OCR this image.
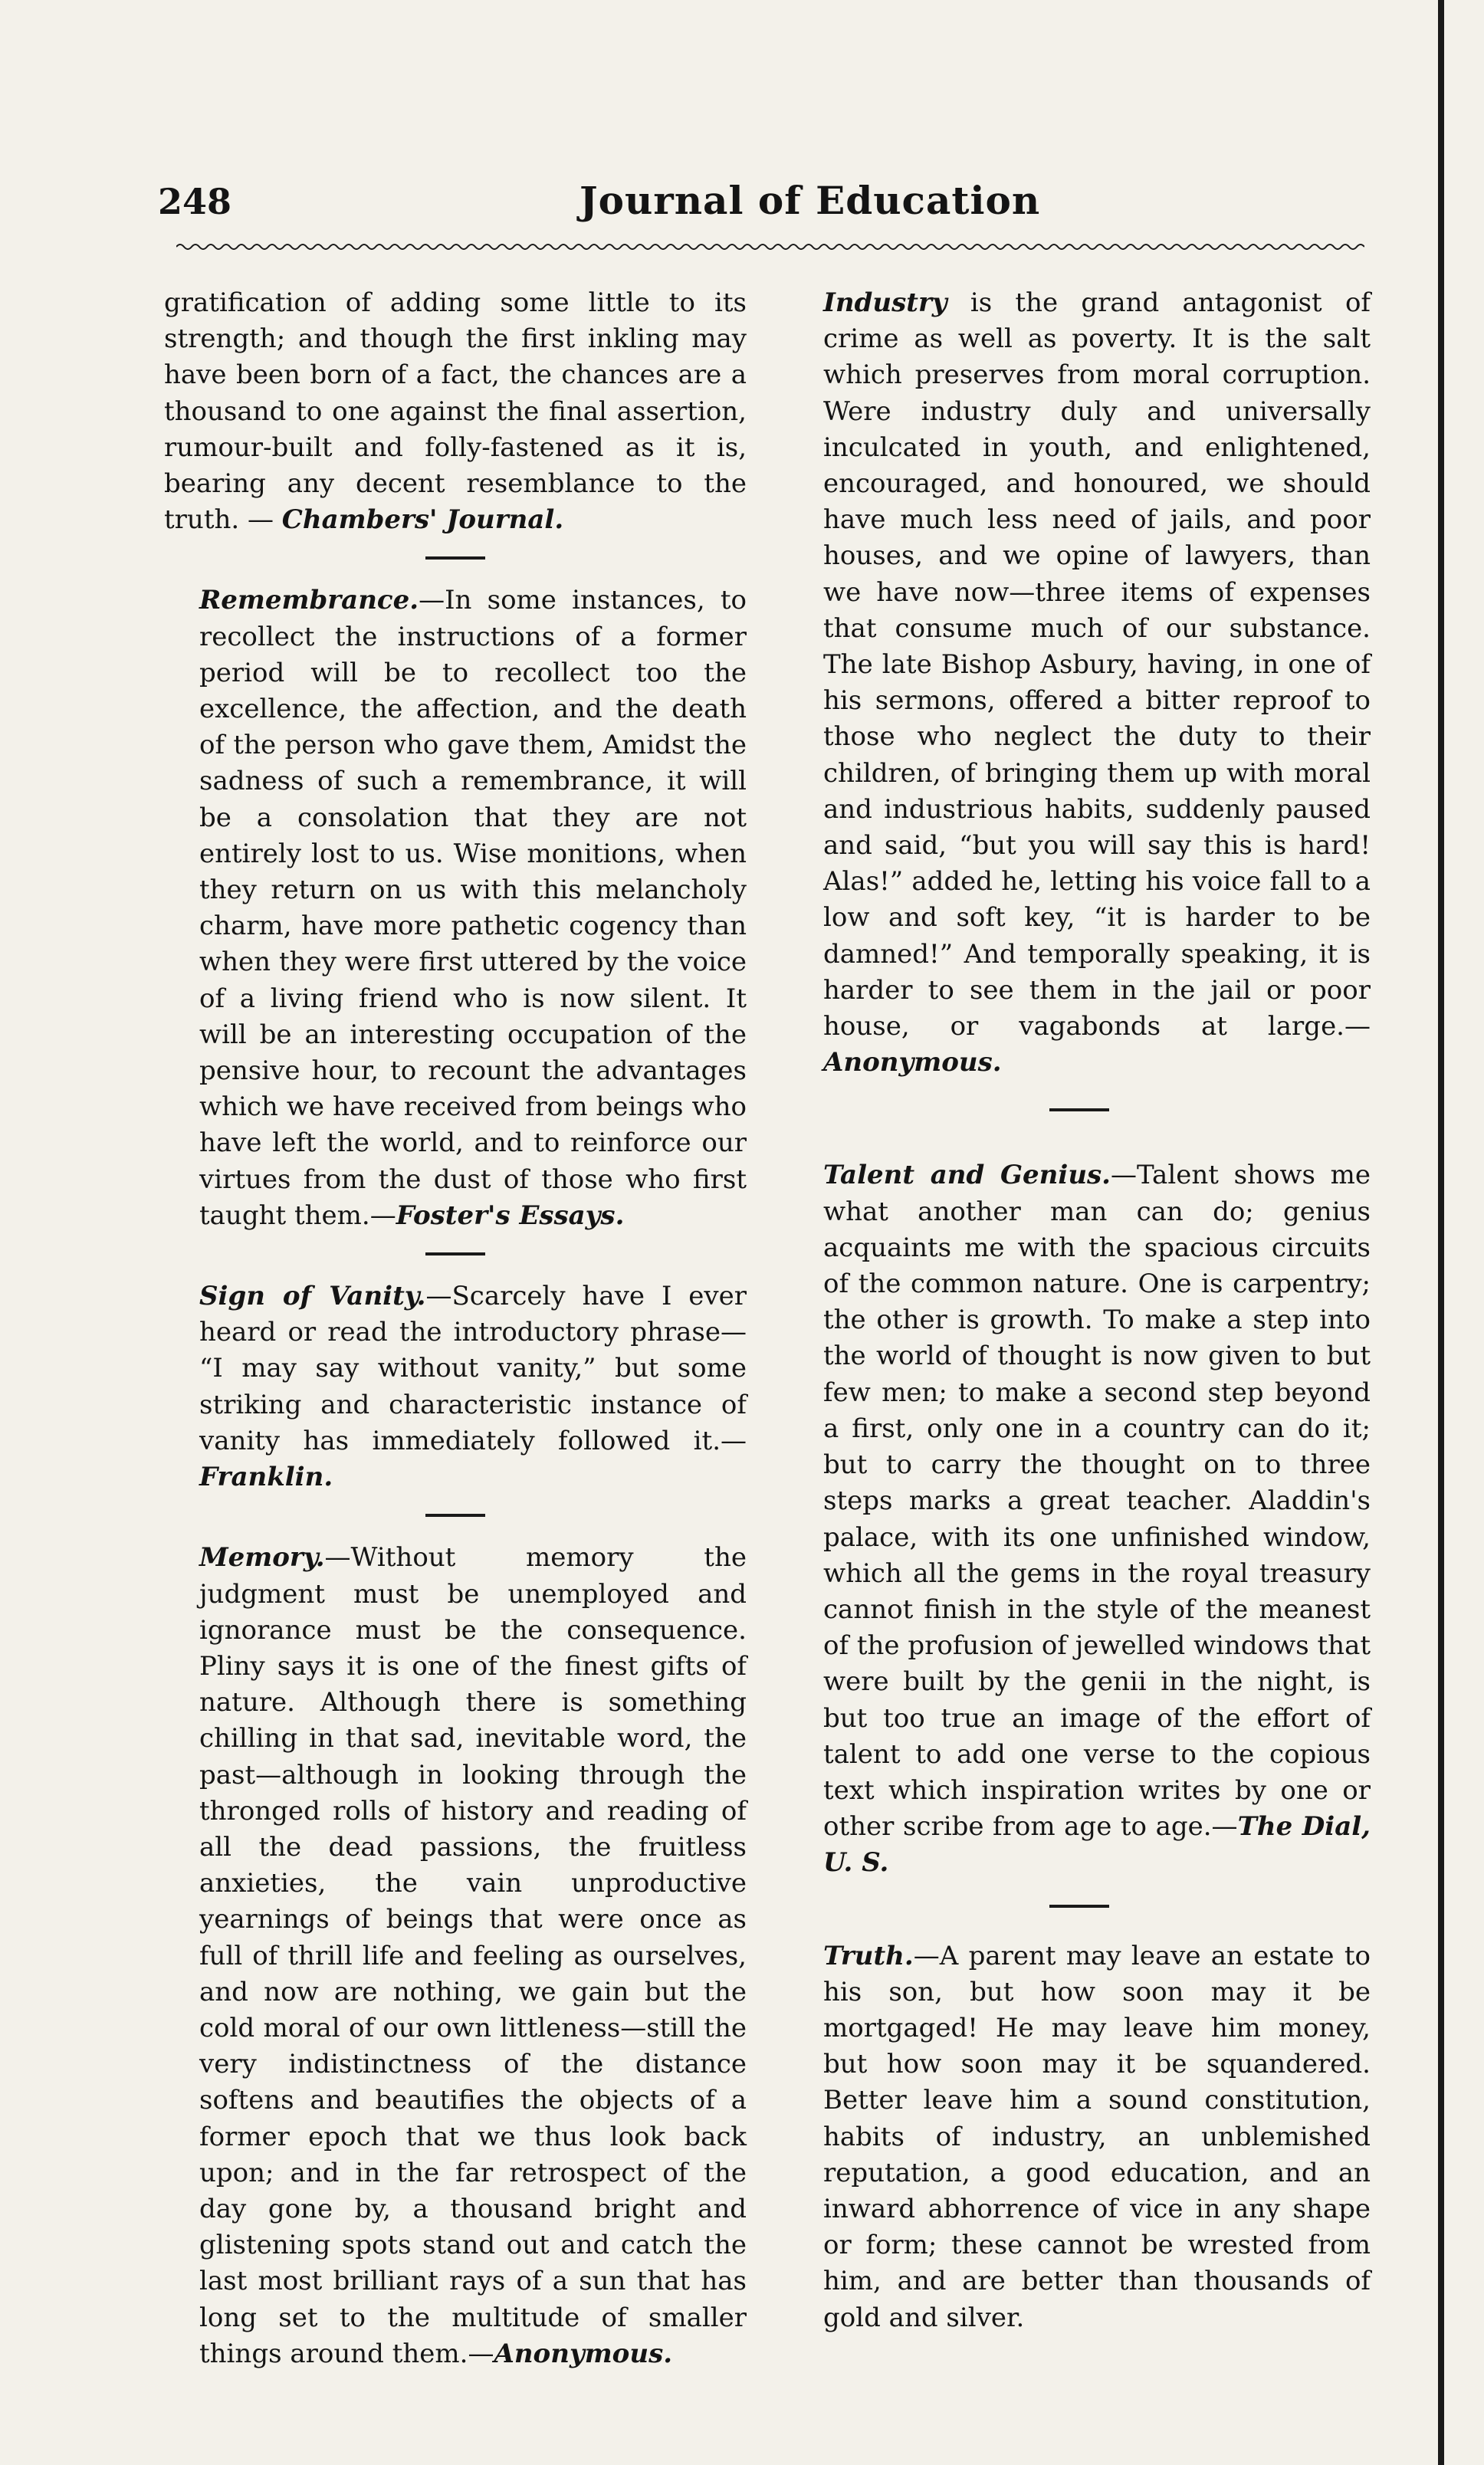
248	Journal of Education

gratification of adding some little to its strength; and though the first inkling may have been born of a fact, the chances are a thousand to one against the final assertion, rumour-built and folly-fastened as it is, bearing any decent resemblance to the truth. — Chambers' Journal.

Remembrance.—In some instances, to recollect the instructions of a former period will be to recollect too the excellence, the affection, and the death of the person who gave them, Amidst the sadness of such a remembrance, it will be a consolation that they are not entirely lost to us. Wise monitions, when they return on us with this melancholy charm, have more pathetic cogency than when they were first uttered by the voice of a living friend who is now silent. It will be an interesting occupation of the pensive hour, to recount the advantages which we have received from beings who have left the world, and to reinforce our virtues from the dust of those who first taught them.—Foster's Essays.

Sign of Vanity.—Scarcely have I ever heard or read the introductory phrase— “I may say without vanity,” but some striking and characteristic instance of vanity has immediately followed it.—Franklin.

Memory.—Without memory the judgment must be unemployed and ignorance must be the consequence. Pliny says it is one of the finest gifts of nature. Although there is something chilling in that sad, inevitable word, the past—although in looking through the thronged rolls of history and reading of all the dead passions, the fruitless anxieties, the vain unproductive yearnings of beings that were once as full of thrill life and feeling as ourselves, and now are nothing, we gain but the cold moral of our own littleness—still the very indistinctness of the distance softens and beautifies the objects of a former epoch that we thus look back upon; and in the far retrospect of the day gone by, a thousand bright and glistening spots stand out and catch the last most brilliant rays of a sun that has long set to the multitude of smaller things around them.—Anonymous.

Industry is the grand antagonist of crime as well as poverty. It is the salt which preserves from moral corruption. Were industry duly and universally inculcated in youth, and enlightened, encouraged, and honoured, we should have much less need of jails, and poor houses, and we opine of lawyers, than we have now—three items of expenses that consume much of our substance. The late Bishop Asbury, having, in one of his sermons, offered a bitter reproof to those who neglect the duty to their children, of bringing them up with moral and industrious habits, suddenly paused and said, “but you will say this is hard! Alas!” added he, letting his voice fall to a low and soft key, “it is harder to be damned!” And temporally speaking, it is harder to see them in the jail or poor house, or vagabonds at large.—Anonymous.

Talent and Genius.—Talent shows me what another man can do; genius acquaints me with the spacious circuits of the common nature. One is carpentry; the other is growth. To make a step into the world of thought is now given to but few men; to make a second step beyond a first, only one in a country can do it; but to carry the thought on to three steps marks a great teacher. Aladdin's palace, with its one unfinished window, which all the gems in the royal treasury cannot finish in the style of the meanest of the profusion of jewelled windows that were built by the genii in the night, is but too true an image of the effort of talent to add one verse to the copious text which inspiration writes by one or other scribe from age to age.—The Dial, U. S.

Truth.—A parent may leave an estate to his son, but how soon may it be mortgaged! He may leave him money, but how soon may it be squandered. Better leave him a sound constitution, habits of industry, an unblemished reputation, a good education, and an inward abhorrence of vice in any shape or form; these cannot be wrested from him, and are better than thousands of gold and silver.
